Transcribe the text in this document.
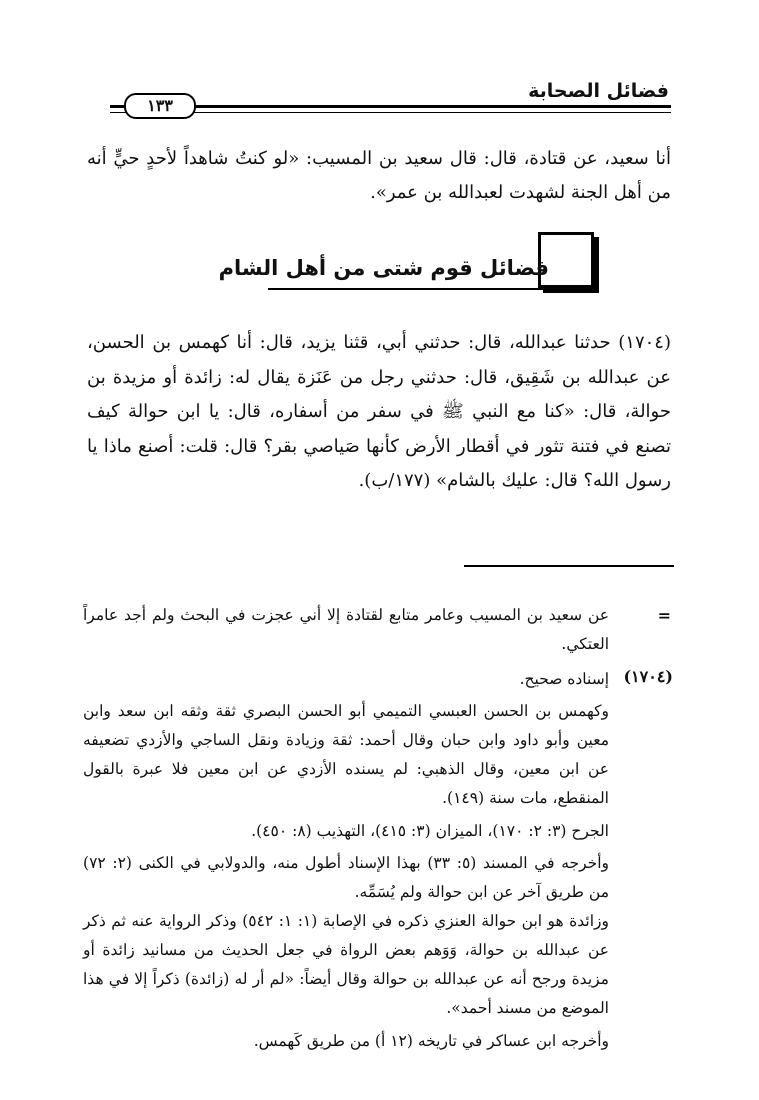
فضائل الصحابة
١٣٣
أنا سعيد، عن قتادة، قال: قال سعيد بن المسيب: «لو كنتُ شاهداً لأحدٍ حيٍّ أنه من أهل الجنة لشهدت لعبدالله بن عمر».
فضائل قوم شتى من أهل الشام
(١٧٠٤) حدثنا عبدالله، قال: حدثني أبي، قثنا يزيد، قال: أنا كهمس بن الحسن، عن عبدالله بن شَقِيق، قال: حدثني رجل من عَنَزة يقال له: زائدة أو مزيدة بن حوالة، قال: «كنا مع النبي ﷺ في سفر من أسفاره، قال: يا ابن حوالة كيف تصنع في فتنة تثور في أقطار الأرض كأنها صَياصي بقر؟ قال: قلت: أصنع ماذا يا رسول الله؟ قال: عليك بالشام» (١٧٧/ب).
=
عن سعيد بن المسيب وعامر متابع لقتادة إلا أني عجزت في البحث ولم أجد عامراً العتكي.
(١٧٠٤)
إسناده صحيح.
وكهمس بن الحسن العبسي التميمي أبو الحسن البصري ثقة وثقه ابن سعد وابن معين وأبو داود وابن حبان وقال أحمد: ثقة وزيادة ونقل الساجي والأزدي تضعيفه عن ابن معين، وقال الذهبي: لم يسنده الأزدي عن ابن معين فلا عبرة بالقول المنقطع، مات سنة (١٤٩).
الجرح (٣: ٢: ١٧٠)، الميزان (٣: ٤١٥)، التهذيب (٨: ٤٥٠).
وأخرجه في المسند (٥: ٣٣) بهذا الإسناد أطول منه، والدولابي في الكنى (٢: ٧٢) من طريق آخر عن ابن حوالة ولم يُسَمِّه.
وزائدة هو ابن حوالة العنزي ذكره في الإصابة (١: ١: ٥٤٢) وذكر الرواية عنه ثم ذكر عن عبدالله بن حوالة، وَوَهم بعض الرواة في جعل الحديث من مسانيد زائدة أو مزيدة ورجح أنه عن عبدالله بن حوالة وقال أيضاً: «لم أر له (زائدة) ذكراً إلا في هذا الموضع من مسند أحمد».
وأخرجه ابن عساكر في تاريخه (١٢ أ) من طريق كَهمس.
